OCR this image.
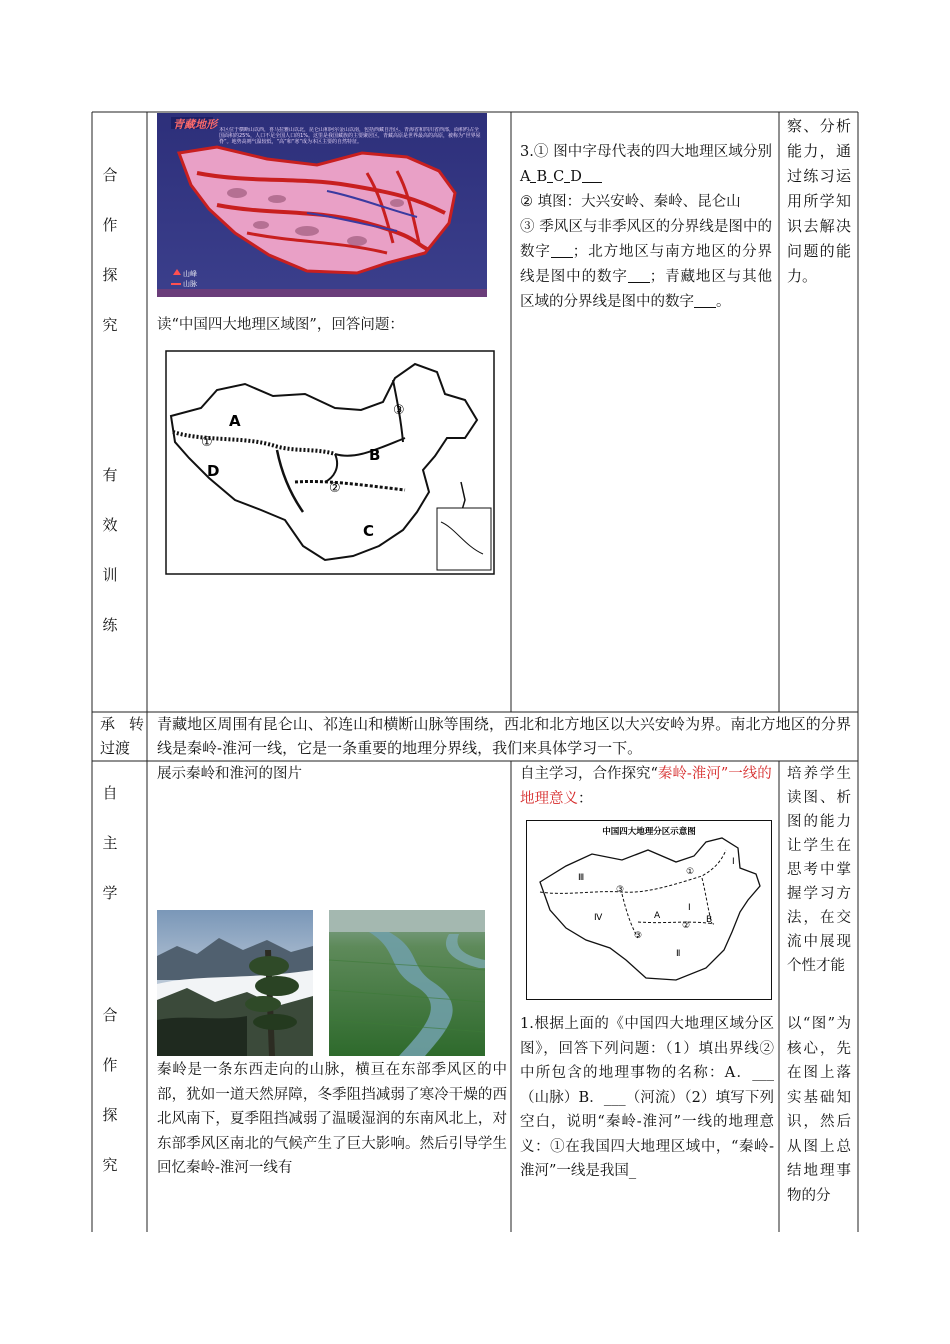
合
作
探
究
有
效
训
练
青藏地形 本区位于横断山以西，喜马拉雅山以北，昆仑山和阿尔金山以南，包括西藏自治区、青海省和四川省西部，面积约占全国面积的25%，人口不足全国人口的1%。这里是我国藏族的主要聚居区，青藏高原是世界最高的高原，被称为“世界屋脊”。地势高则气温较低，“高”和“寒”成为本区主要的自然特征。
山峰
山脉
读“中国四大地理区域图”，回答问题：
A
B
C
D
①
②
③
3.① 图中字母代表的四大地理区域分别A B C D
② 填图：大兴安岭、秦岭、昆仑山
③ 季风区与非季风区的分界线是图中的数字 ；北方地区与南方地区的分界线是图中的数字 ；青藏地区与其他区域的分界线是图中的数字 。
察、分析能力，通过练习运用所学知识去解决问题的能力。
承转过渡
青藏地区周围有昆仑山、祁连山和横断山脉等围绕，西北和北方地区以大兴安岭为界。南北方地区的分界线是秦岭-淮河一线，它是一条重要的地理分界线，我们来具体学习一下。
自
主
学
合
作
探
究
展示秦岭和淮河的图片
秦岭是一条东西走向的山脉，横亘在东部季风区的中部，犹如一道天然屏障，冬季阻挡减弱了寒冷干燥的西北风南下，夏季阻挡减弱了温暖湿润的东南风北上，对东部季风区南北的气候产生了巨大影响。然后引导学生回忆秦岭-淮河一线有
自主学习，合作探究“秦岭-淮河”一线的地理意义：
中国四大地理分区示意图
Ⅰ
Ⅰ
Ⅱ
Ⅲ
Ⅳ	A	B
①
②
③
③
1.根据上面的《中国四大地理区域分区图》，回答下列问题：（1）填出界线②中所包含的地理事物的名称：A．___（山脉）B．___（河流）（2）填写下列空白，说明“秦岭-淮河”一线的地理意义：①在我国四大地理区域中，“秦岭-淮河”一线是我国_
培养学生读图、析图的能力让学生在思考中掌握学习方法，在交流中展现个性才能
以“图”为核心，先在图上落实基础知识，然后从图上总结地理事物的分
